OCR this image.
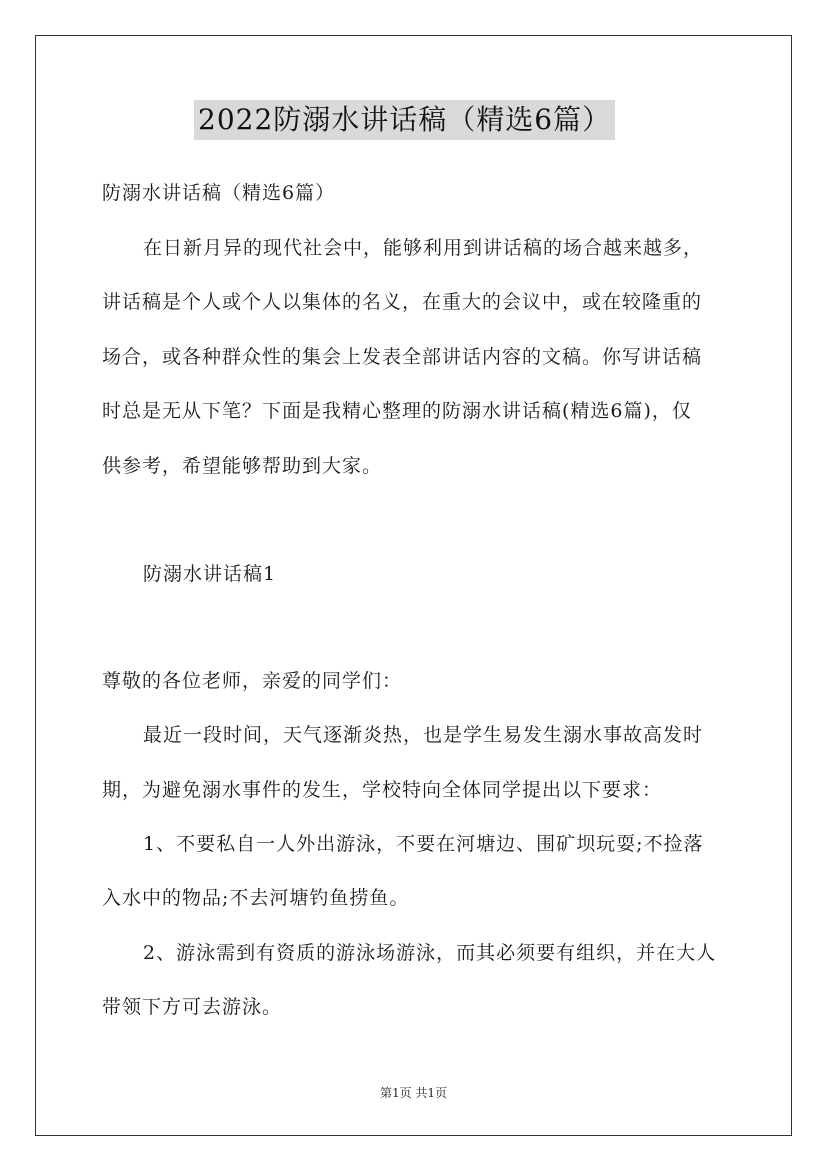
2022防溺水讲话稿（精选6篇）
防溺水讲话稿（精选6篇）
在日新月异的现代社会中，能够利用到讲话稿的场合越来越多，
讲话稿是个人或个人以集体的名义，在重大的会议中，或在较隆重的
场合，或各种群众性的集会上发表全部讲话内容的文稿。你写讲话稿
时总是无从下笔？下面是我精心整理的防溺水讲话稿(精选6篇)，仅
供参考，希望能够帮助到大家。
防溺水讲话稿1
尊敬的各位老师，亲爱的同学们：
最近一段时间，天气逐渐炎热，也是学生易发生溺水事故高发时
期，为避免溺水事件的发生，学校特向全体同学提出以下要求：
1、不要私自一人外出游泳，不要在河塘边、围矿坝玩耍;不捡落
入水中的物品;不去河塘钓鱼捞鱼。
2、游泳需到有资质的游泳场游泳，而其必须要有组织，并在大人
带领下方可去游泳。
第1页 共1页
